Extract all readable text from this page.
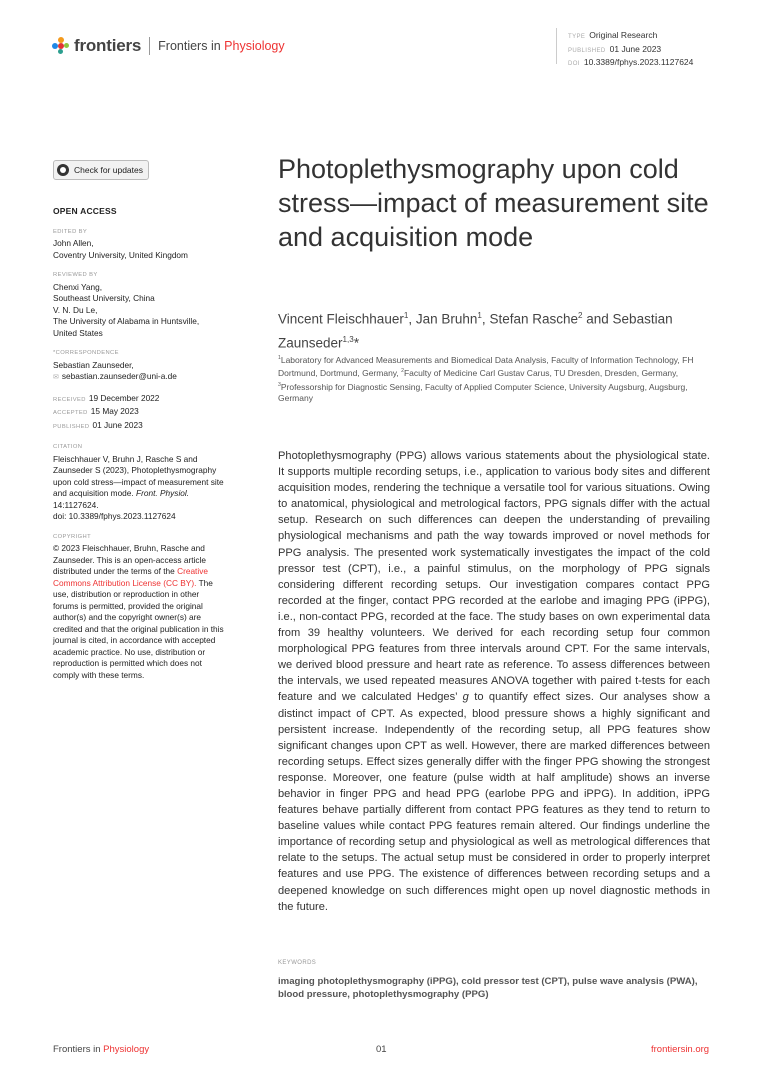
frontiers Frontiers in Physiology
TYPE Original Research
PUBLISHED 01 June 2023
DOI 10.3389/fphys.2023.1127624
Check for updates
OPEN ACCESS
EDITED BY
John Allen,
Coventry University, United Kingdom
REVIEWED BY
Chenxi Yang,
Southeast University, China
V. N. Du Le,
The University of Alabama in Huntsville,
United States
*CORRESPONDENCE
Sebastian Zaunseder,
✉ sebastian.zaunseder@uni-a.de
RECEIVED 19 December 2022
ACCEPTED 15 May 2023
PUBLISHED 01 June 2023
CITATION
Fleischhauer V, Bruhn J, Rasche S and Zaunseder S (2023), Photoplethysmography upon cold stress—impact of measurement site and acquisition mode. Front. Physiol. 14:1127624.
doi: 10.3389/fphys.2023.1127624
COPYRIGHT
© 2023 Fleischhauer, Bruhn, Rasche and Zaunseder. This is an open-access article distributed under the terms of the Creative Commons Attribution License (CC BY). The use, distribution or reproduction in other forums is permitted, provided the original author(s) and the copyright owner(s) are credited and that the original publication in this journal is cited, in accordance with accepted academic practice. No use, distribution or reproduction is permitted which does not comply with these terms.
Photoplethysmography upon cold stress—impact of measurement site and acquisition mode
Vincent Fleischhauer$^1$, Jan Bruhn$^1$, Stefan Rasche$^2$ and Sebastian Zaunseder$^{1,3}$*
$^1$Laboratory for Advanced Measurements and Biomedical Data Analysis, Faculty of Information Technology, FH Dortmund, Dortmund, Germany, $^2$Faculty of Medicine Carl Gustav Carus, TU Dresden, Dresden, Germany, $^3$Professorship for Diagnostic Sensing, Faculty of Applied Computer Science, University Augsburg, Augsburg, Germany
Photoplethysmography (PPG) allows various statements about the physiological state. It supports multiple recording setups, i.e., application to various body sites and different acquisition modes, rendering the technique a versatile tool for various situations. Owing to anatomical, physiological and metrological factors, PPG signals differ with the actual setup. Research on such differences can deepen the understanding of prevailing physiological mechanisms and path the way towards improved or novel methods for PPG analysis. The presented work systematically investigates the impact of the cold pressor test (CPT), i.e., a painful stimulus, on the morphology of PPG signals considering different recording setups. Our investigation compares contact PPG recorded at the finger, contact PPG recorded at the earlobe and imaging PPG (iPPG), i.e., non-contact PPG, recorded at the face. The study bases on own experimental data from 39 healthy volunteers. We derived for each recording setup four common morphological PPG features from three intervals around CPT. For the same intervals, we derived blood pressure and heart rate as reference. To assess differences between the intervals, we used repeated measures ANOVA together with paired t-tests for each feature and we calculated Hedges’ g to quantify effect sizes. Our analyses show a distinct impact of CPT. As expected, blood pressure shows a highly significant and persistent increase. Independently of the recording setup, all PPG features show significant changes upon CPT as well. However, there are marked differences between recording setups. Effect sizes generally differ with the finger PPG showing the strongest response. Moreover, one feature (pulse width at half amplitude) shows an inverse behavior in finger PPG and head PPG (earlobe PPG and iPPG). In addition, iPPG features behave partially different from contact PPG features as they tend to return to baseline values while contact PPG features remain altered. Our findings underline the importance of recording setup and physiological as well as metrological differences that relate to the setups. The actual setup must be considered in order to properly interpret features and use PPG. The existence of differences between recording setups and a deepened knowledge on such differences might open up novel diagnostic methods in the future.
KEYWORDS
imaging photoplethysmography (iPPG), cold pressor test (CPT), pulse wave analysis (PWA), blood pressure, photoplethysmography (PPG)
Frontiers in Physiology	01	frontiersin.org
